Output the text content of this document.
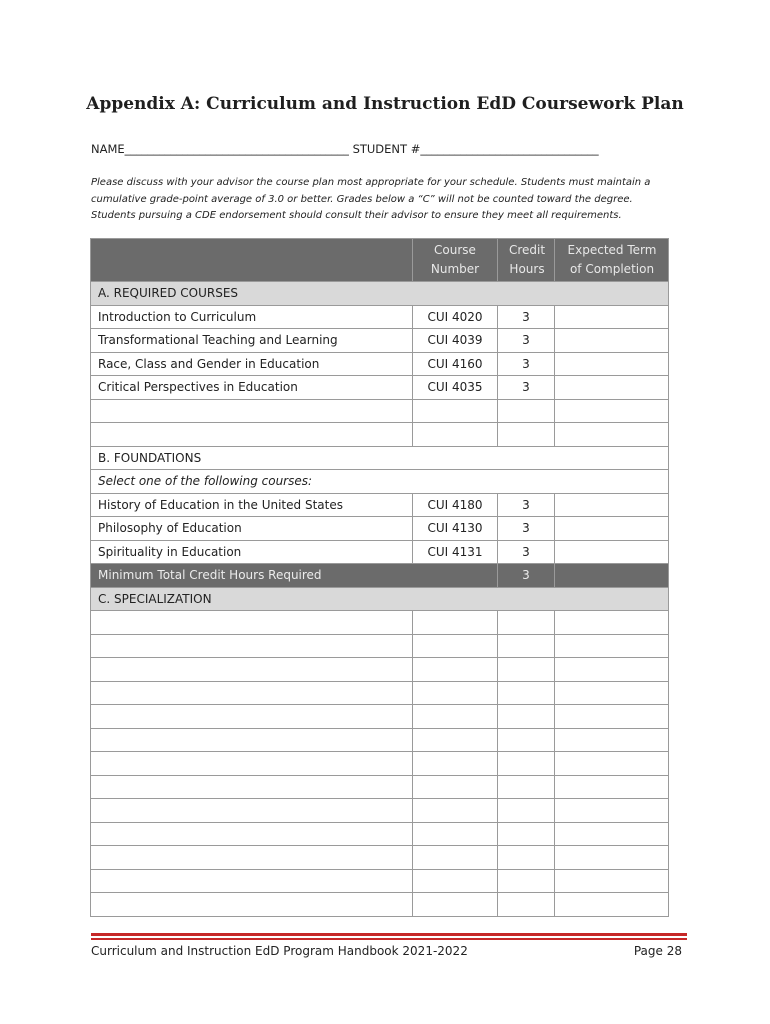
Appendix A: Curriculum and Instruction EdD Coursework Plan
NAME_______________________________________ STUDENT #_______________________________
Please discuss with your advisor the course plan most appropriate for your schedule. Students must maintain a cumulative grade-point average of 3.0 or better. Grades below a “C” will not be counted toward the degree. Students pursuing a CDE endorsement should consult their advisor to ensure they meet all requirements.

	Course Number	Credit Hours	Expected Term of Completion

A. REQUIRED COURSES			
Introduction to Curriculum	CUI 4020	3	
Transformational Teaching and Learning	CUI 4039	3	
Race, Class and Gender in Education	CUI 4160	3	
Critical Perspectives in Education	CUI 4035	3	

B. FOUNDATIONS			
Select one of the following courses:			
History of Education in the United States	CUI 4180	3	
Philosophy of Education	CUI 4130	3	
Spirituality in Education	CUI 4131	3	
Minimum Total Credit Hours Required		3	
C. SPECIALIZATION			

Curriculum and Instruction EdD Program Handbook 2021-2022	Page 28
